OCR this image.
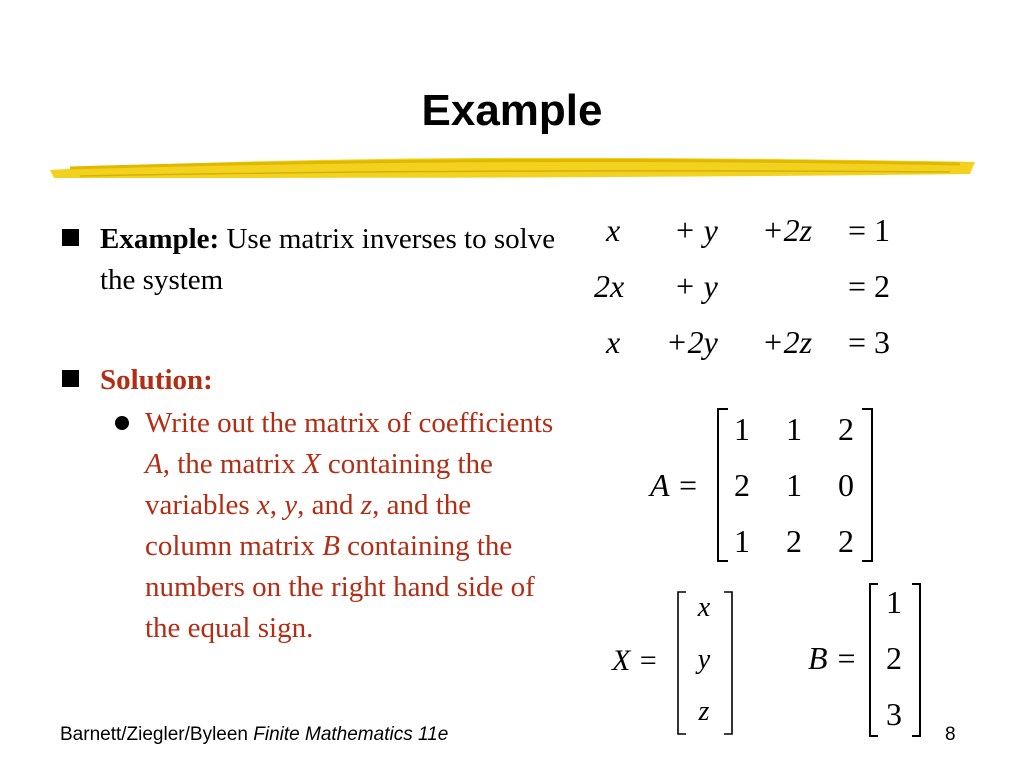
Example
Example: Use matrix inverses to solve the system
Solution:
Write out the matrix of coefficients A, the matrix X containing the variables x, y, and z, and the column matrix B containing the numbers on the right hand side of the equal sign.
x + y +2z = 1
2x + y	= 2
x +2y +2z = 3
A =
1	1	2
2	1	0
1	2	2
X =
x
y
z
B =
1
2
3
Barnett/Ziegler/Byleen Finite Mathematics 11e	8
